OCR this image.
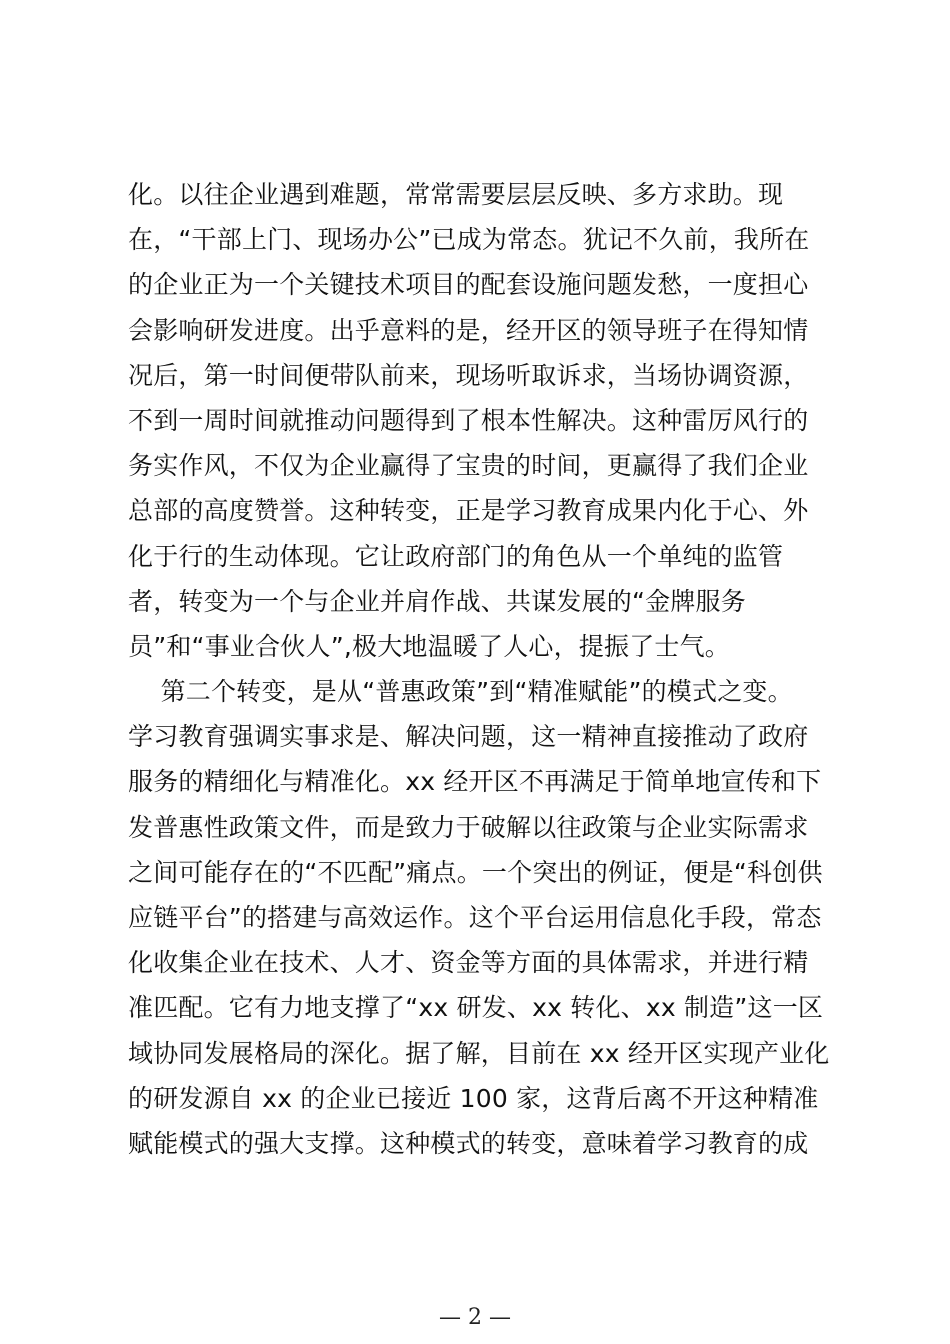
化。以往企业遇到难题，常常需要层层反映、多方求助。现
在，“干部上门、现场办公”已成为常态。犹记不久前，我所在
的企业正为一个关键技术项目的配套设施问题发愁，一度担心
会影响研发进度。出乎意料的是，经开区的领导班子在得知情
况后，第一时间便带队前来，现场听取诉求，当场协调资源，
不到一周时间就推动问题得到了根本性解决。这种雷厉风行的
务实作风，不仅为企业赢得了宝贵的时间，更赢得了我们企业
总部的高度赞誉。这种转变，正是学习教育成果内化于心、外
化于行的生动体现。它让政府部门的角色从一个单纯的监管
者，转变为一个与企业并肩作战、共谋发展的“金牌服务
员”和“事业合伙人”,极大地温暖了人心，提振了士气。
第二个转变，是从“普惠政策”到“精准赋能”的模式之变。
学习教育强调实事求是、解决问题，这一精神直接推动了政府
服务的精细化与精准化。xx 经开区不再满足于简单地宣传和下
发普惠性政策文件，而是致力于破解以往政策与企业实际需求
之间可能存在的“不匹配”痛点。一个突出的例证，便是“科创供
应链平台”的搭建与高效运作。这个平台运用信息化手段，常态
化收集企业在技术、人才、资金等方面的具体需求，并进行精
准匹配。它有力地支撑了“xx 研发、xx 转化、xx 制造”这一区
域协同发展格局的深化。据了解，目前在 xx 经开区实现产业化
的研发源自 xx 的企业已接近 100 家，这背后离不开这种精准
赋能模式的强大支撑。这种模式的转变，意味着学习教育的成
— 2 —
